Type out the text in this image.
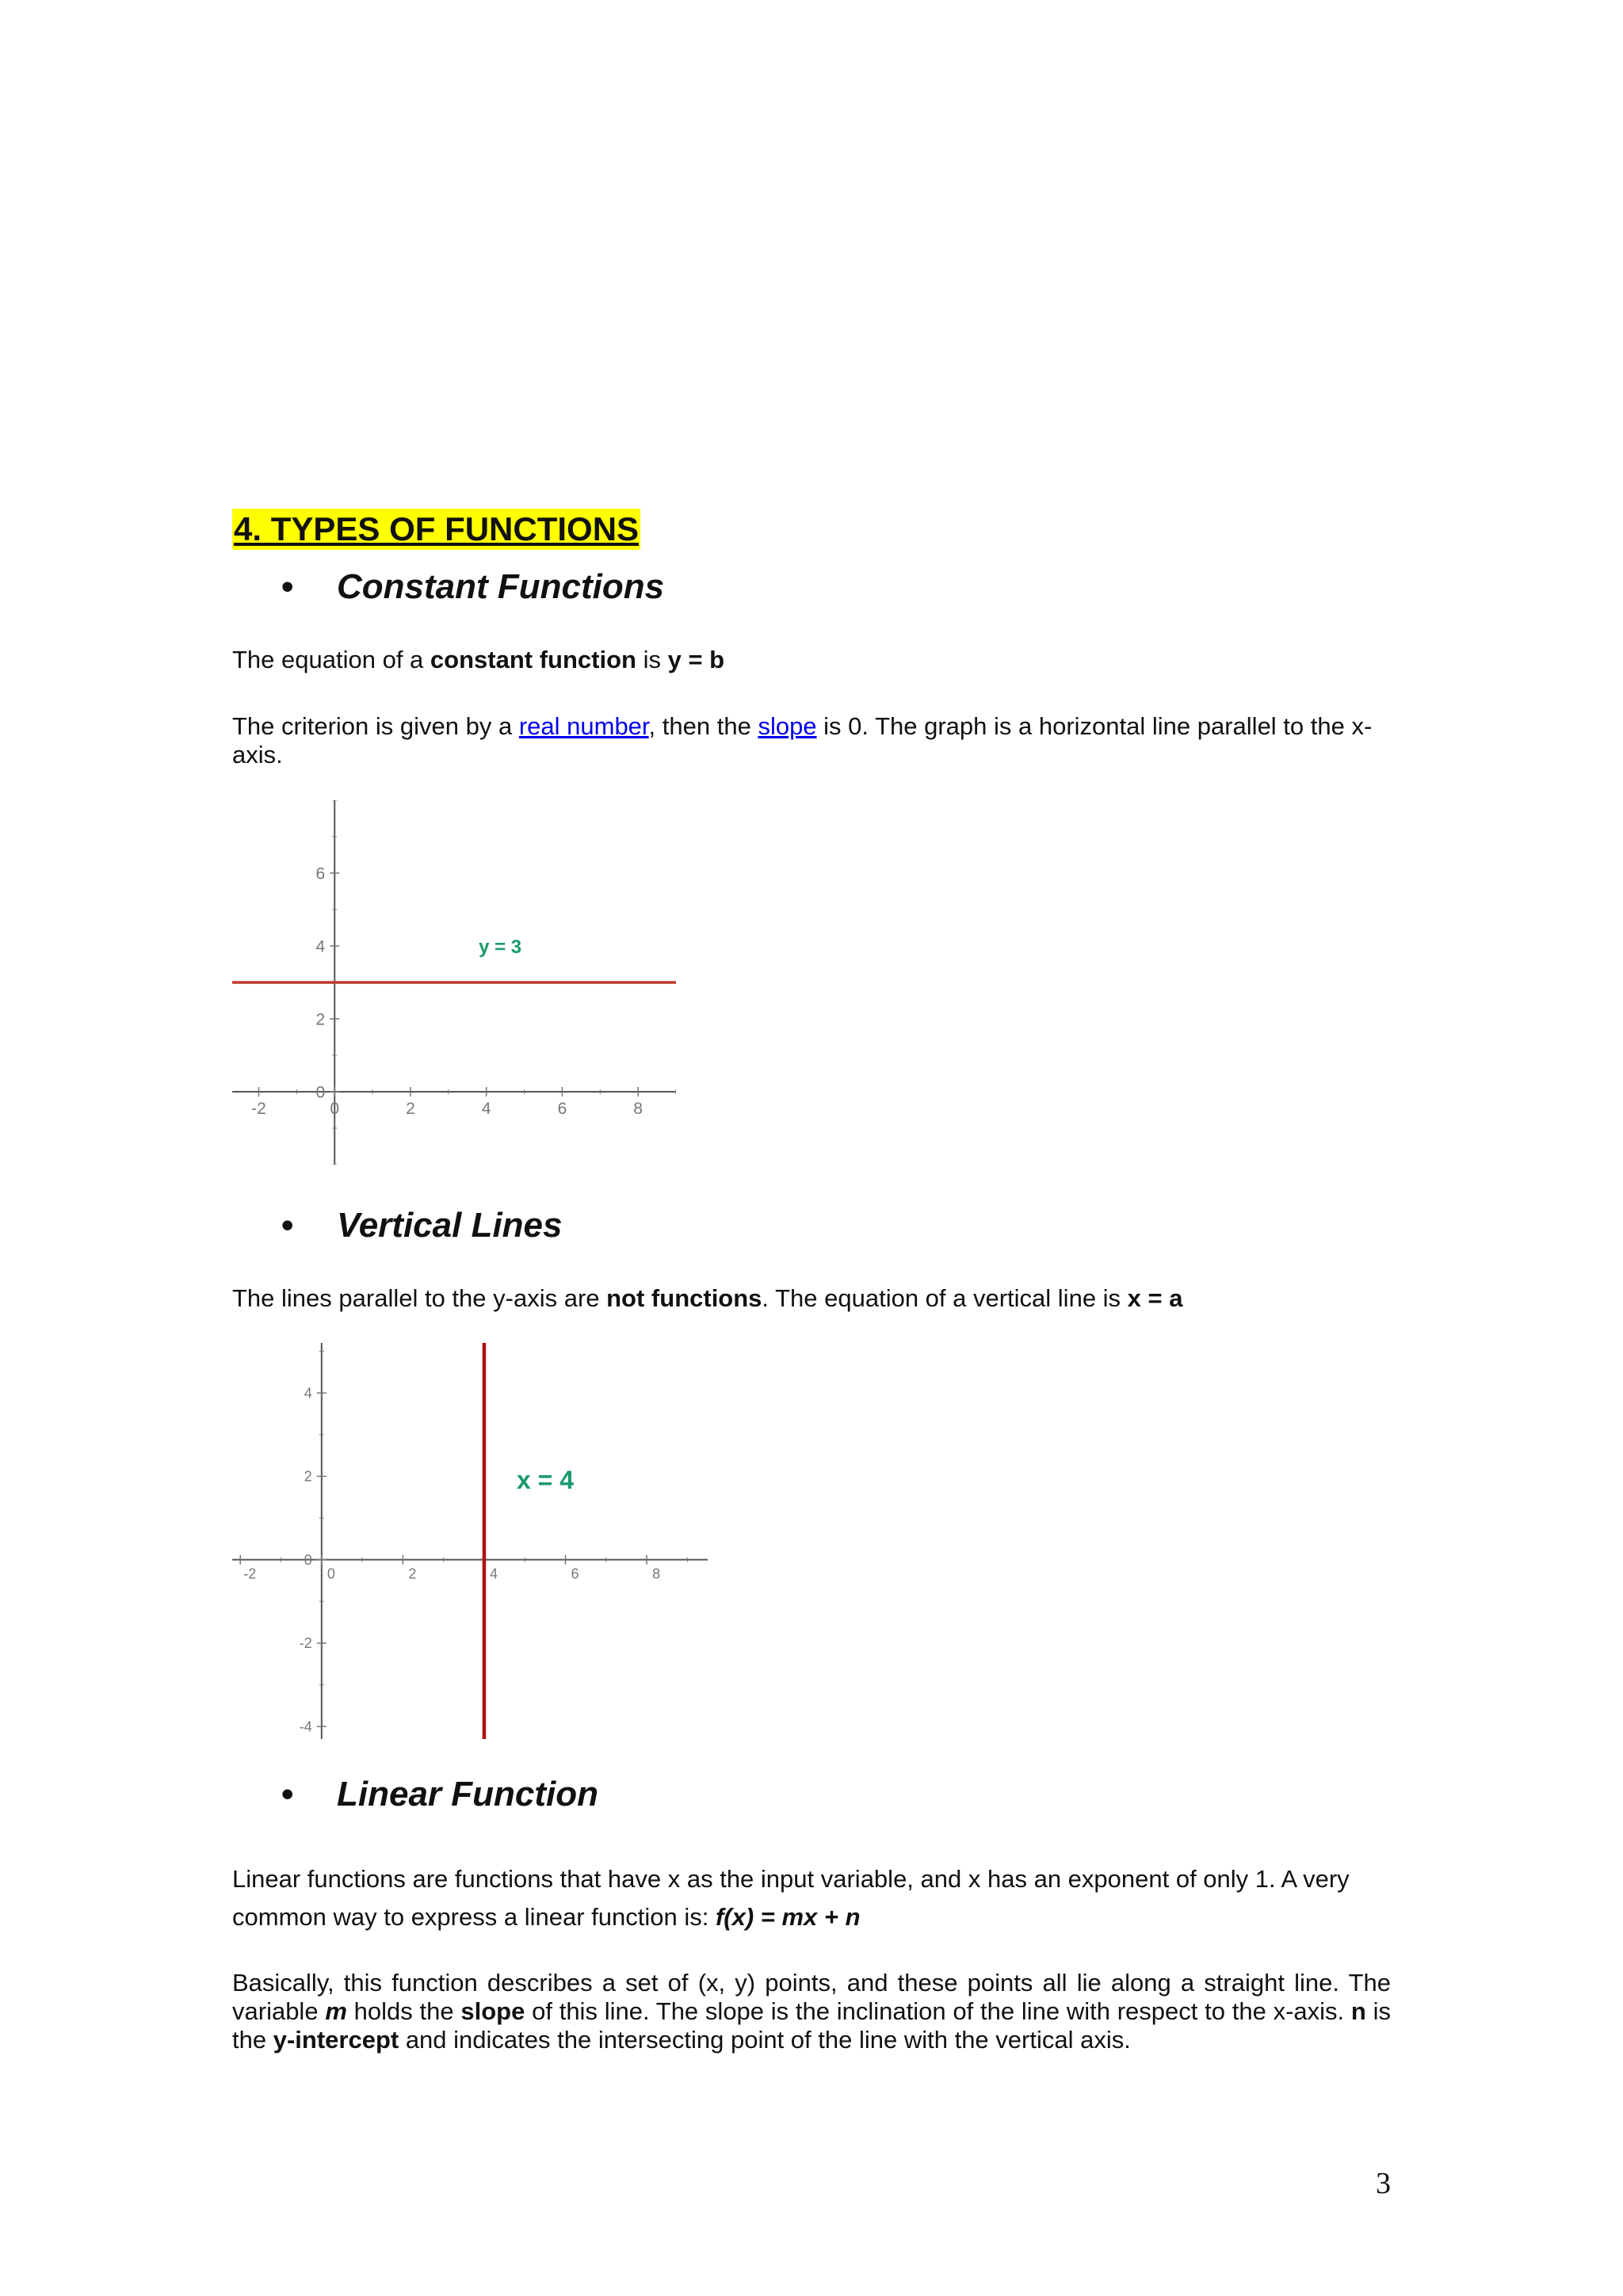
4. TYPES OF FUNCTIONS
• Constant Functions
The equation of a constant function is y = b
The criterion is given by a real number, then the slope is 0. The graph is a horizontal line parallel to the x-axis.
-2	0	2	4	6	8
0
2
4
6
y = 3
• Vertical Lines
The lines parallel to the y-axis are not functions. The equation of a vertical line is x = a
-2	0	2	4	6	8
-4
-2
0
2
4
x = 4
• Linear Function
Linear functions are functions that have x as the input variable, and x has an exponent of only 1. A very common way to express a linear function is: f(x) = mx + n
Basically, this function describes a set of (x, y) points, and these points all lie along a straight line. The variable m holds the slope of this line. The slope is the inclination of the line with respect to the x-axis. n is the y-intercept and indicates the intersecting point of the line with the vertical axis.
3
